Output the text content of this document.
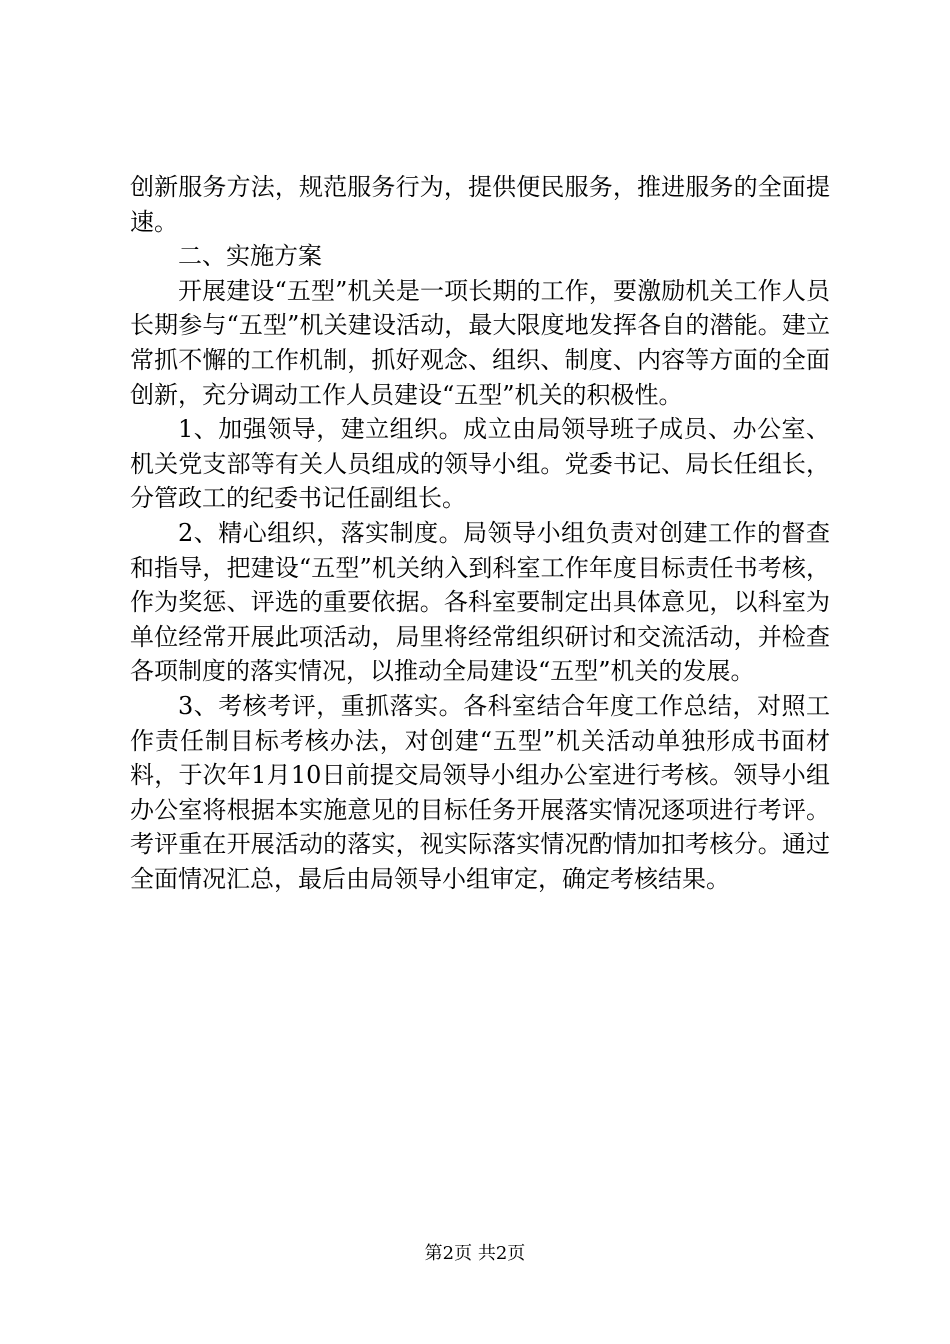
创新服务方法，规范服务行为，提供便民服务，推进服务的全面提速。

二、实施方案

开展建设“五型”机关是一项长期的工作，要激励机关工作人员长期参与“五型”机关建设活动，最大限度地发挥各自的潜能。建立常抓不懈的工作机制，抓好观念、组织、制度、内容等方面的全面创新，充分调动工作人员建设“五型”机关的积极性。

1、加强领导，建立组织。成立由局领导班子成员、办公室、机关党支部等有关人员组成的领导小组。党委书记、局长任组长，分管政工的纪委书记任副组长。

2、精心组织，落实制度。局领导小组负责对创建工作的督查和指导，把建设“五型”机关纳入到科室工作年度目标责任书考核，作为奖惩、评选的重要依据。各科室要制定出具体意见，以科室为单位经常开展此项活动，局里将经常组织研讨和交流活动，并检查各项制度的落实情况，以推动全局建设“五型”机关的发展。

3、考核考评，重抓落实。各科室结合年度工作总结，对照工作责任制目标考核办法，对创建“五型”机关活动单独形成书面材料，于次年1月10日前提交局领导小组办公室进行考核。领导小组办公室将根据本实施意见的目标任务开展落实情况逐项进行考评。考评重在开展活动的落实，视实际落实情况酌情加扣考核分。通过全面情况汇总，最后由局领导小组审定，确定考核结果。

第2页 共2页
